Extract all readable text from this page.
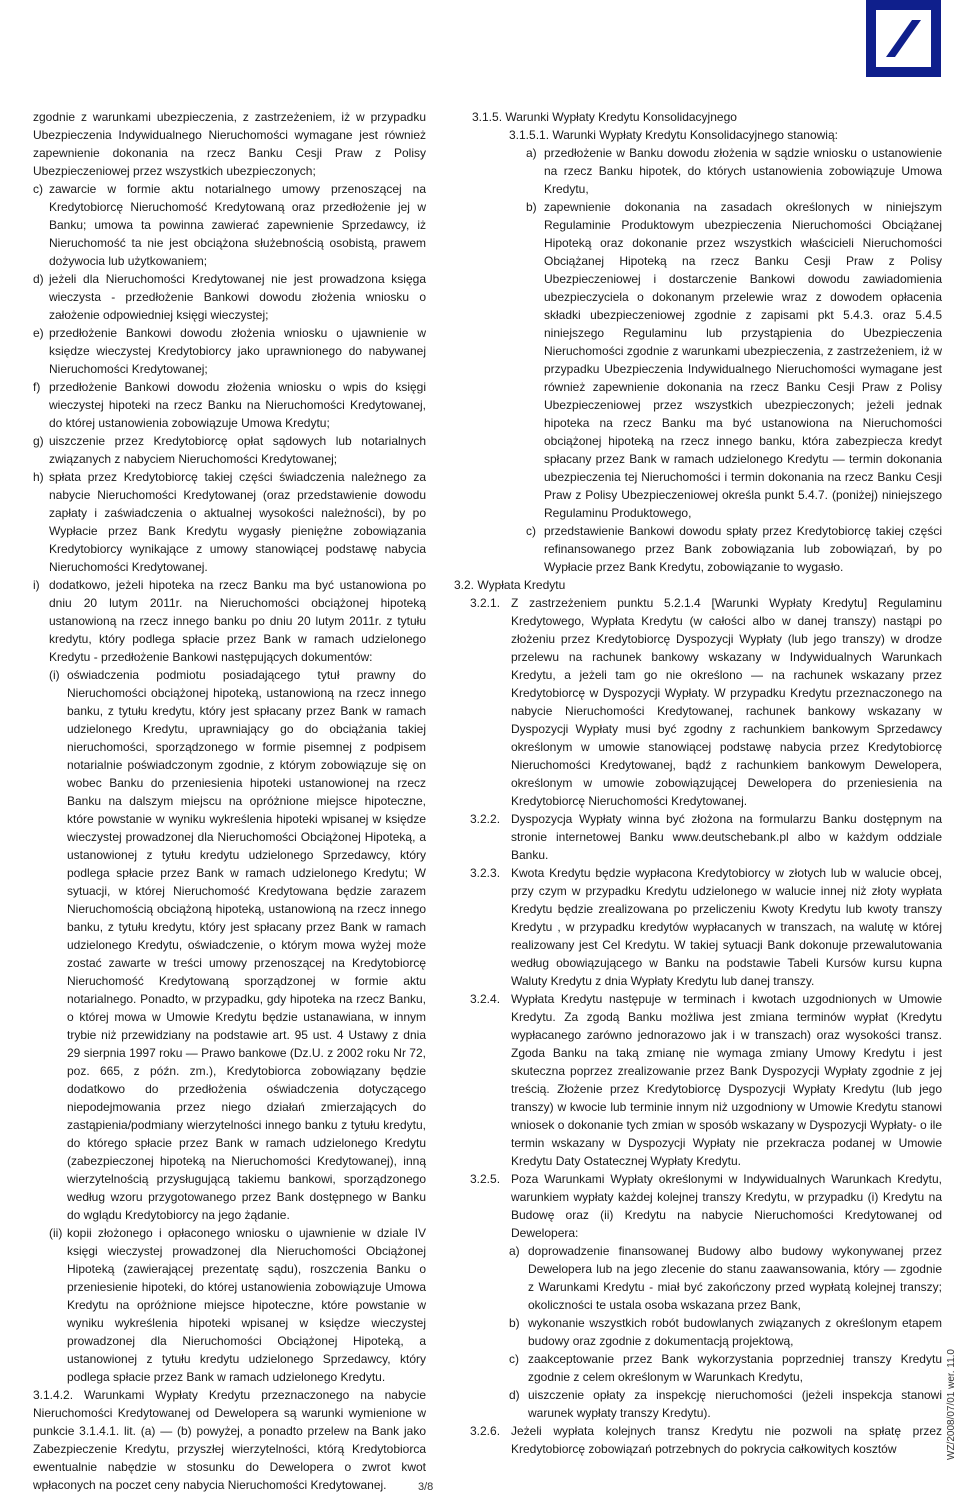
zgodnie z warunkami ubezpieczenia, z zastrzeżeniem, iż w przypadku Ubezpieczenia Indywidualnego Nieruchomości wymagane jest również zapewnienie dokonania na rzecz Banku Cesji Praw z Polisy Ubezpieczeniowej przez wszystkich ubezpieczonych;

c) zawarcie w formie aktu notarialnego umowy przenoszącej na Kredytobiorcę Nieruchomość Kredytowaną oraz przedłożenie jej w Banku; umowa ta powinna zawierać zapewnienie Sprzedawcy, iż Nieruchomość ta nie jest obciążona służebnością osobistą, prawem dożywocia lub użytkowaniem;
d) jeżeli dla Nieruchomości Kredytowanej nie jest prowadzona księga wieczysta - przedłożenie Bankowi dowodu złożenia wniosku o założenie odpowiedniej księgi wieczystej;
e) przedłożenie Bankowi dowodu złożenia wniosku o ujawnienie w księdze wieczystej Kredytobiorcy jako uprawnionego do nabywanej Nieruchomości Kredytowanej;
f) przedłożenie Bankowi dowodu złożenia wniosku o wpis do księgi wieczystej hipoteki na rzecz Banku na Nieruchomości Kredytowanej, do której ustanowienia zobowiązuje Umowa Kredytu;
g) uiszczenie przez Kredytobiorcę opłat sądowych lub notarialnych związanych z nabyciem Nieruchomości Kredytowanej;
h) spłata przez Kredytobiorcę takiej części świadczenia należnego za nabycie Nieruchomości Kredytowanej (oraz przedstawienie dowodu zapłaty i zaświadczenia o aktualnej wysokości należności), by po Wypłacie przez Bank Kredytu wygasły pieniężne zobowiązania Kredytobiorcy wynikające z umowy stanowiącej podstawę nabycia Nieruchomości Kredytowanej.
i) dodatkowo, jeżeli hipoteka na rzecz Banku ma być ustanowiona po dniu 20 lutym 2011r. na Nieruchomości obciążonej hipoteką ustanowioną na rzecz innego banku po dniu 20 lutym 2011r. z tytułu kredytu, który podlega spłacie przez Bank w ramach udzielonego Kredytu - przedłożenie Bankowi następujących dokumentów:
(i) oświadczenia podmiotu posiadającego tytuł prawny do Nieruchomości obciążonej hipoteką, ustanowioną na rzecz innego banku, z tytułu kredytu, który jest spłacany przez Bank w ramach udzielonego Kredytu, uprawniający go do obciążania takiej nieruchomości, sporządzonego w formie pisemnej z podpisem notarialnie poświadczonym zgodnie, z którym zobowiązuje się on wobec Banku do przeniesienia hipoteki ustanowionej na rzecz Banku na dalszym miejscu na opróżnione miejsce hipoteczne, które powstanie w wyniku wykreślenia hipoteki wpisanej w księdze wieczystej prowadzonej dla Nieruchomości Obciążonej Hipoteką, a ustanowionej z tytułu kredytu udzielonego Sprzedawcy, który podlega spłacie przez Bank w ramach udzielonego Kredytu; W sytuacji, w której Nieruchomość Kredytowana będzie zarazem Nieruchomością obciążoną hipoteką, ustanowioną na rzecz innego banku, z tytułu kredytu, który jest spłacany przez Bank w ramach udzielonego Kredytu, oświadczenie, o którym mowa wyżej może zostać zawarte w treści umowy przenoszącej na Kredytobiorcę Nieruchomość Kredytowaną sporządzonej w formie aktu notarialnego. Ponadto, w przypadku, gdy hipoteka na rzecz Banku, o której mowa w Umowie Kredytu będzie ustanawiana, w innym trybie niż przewidziany na podstawie art. 95 ust. 4 Ustawy z dnia 29 sierpnia 1997 roku — Prawo bankowe (Dz.U. z 2002 roku Nr 72, poz. 665, z późn. zm.), Kredytobiorca zobowiązany będzie dodatkowo do przedłożenia oświadczenia dotyczącego niepodejmowania przez niego działań zmierzających do zastąpienia/podmiany wierzytelności innego banku z tytułu kredytu, do którego spłacie przez Bank w ramach udzielonego Kredytu (zabezpieczonej hipoteką na Nieruchomości Kredytowanej), inną wierzytelnością przysługującą takiemu bankowi, sporządzonego według wzoru przygotowanego przez Bank dostępnego w Banku do wglądu Kredytobiorcy na jego żądanie.
(ii) kopii złożonego i opłaconego wniosku o ujawnienie w dziale IV księgi wieczystej prowadzonej dla Nieruchomości Obciążonej Hipoteką (zawierającej prezentatę sądu), roszczenia Banku o przeniesienie hipoteki, do której ustanowienia zobowiązuje Umowa Kredytu na opróżnione miejsce hipoteczne, które powstanie w wyniku wykreślenia hipoteki wpisanej w księdze wieczystej prowadzonej dla Nieruchomości Obciążonej Hipoteką, a ustanowionej z tytułu kredytu udzielonego Sprzedawcy, który podlega spłacie przez Bank w ramach udzielonego Kredytu.

3.1.4.2. Warunkami Wypłaty Kredytu przeznaczonego na nabycie Nieruchomości Kredytowanej od Dewelopera są warunki wymienione w punkcie 3.1.4.1. lit. (a) — (b) powyżej, a ponadto przelew na Bank jako Zabezpieczenie Kredytu, przyszłej wierzytelności, którą Kredytobiorca ewentualnie nabędzie w stosunku do Dewelopera o zwrot kwot wpłaconych na poczet ceny nabycia Nieruchomości Kredytowanej.

3.1.5. Warunki Wypłaty Kredytu Konsolidacyjnego
3.1.5.1. Warunki Wypłaty Kredytu Konsolidacyjnego stanowią:
a) przedłożenie w Banku dowodu złożenia w sądzie wniosku o ustanowienie na rzecz Banku hipotek, do których ustanowienia zobowiązuje Umowa Kredytu,
b) zapewnienie dokonania na zasadach określonych w niniejszym Regulaminie Produktowym ubezpieczenia Nieruchomości Obciążanej Hipoteką oraz dokonanie przez wszystkich właścicieli Nieruchomości Obciążanej Hipoteką na rzecz Banku Cesji Praw z Polisy Ubezpieczeniowej i dostarczenie Bankowi dowodu zawiadomienia ubezpieczyciela o dokonanym przelewie wraz z dowodem opłacenia składki ubezpieczeniowej zgodnie z zapisami pkt 5.4.3. oraz 5.4.5 niniejszego Regulaminu lub przystąpienia do Ubezpieczenia Nieruchomości zgodnie z warunkami ubezpieczenia, z zastrzeżeniem, iż w przypadku Ubezpieczenia Indywidualnego Nieruchomości wymagane jest również zapewnienie dokonania na rzecz Banku Cesji Praw z Polisy Ubezpieczeniowej przez wszystkich ubezpieczonych; jeżeli jednak hipoteka na rzecz Banku ma być ustanowiona na Nieruchomości obciążonej hipoteką na rzecz innego banku, która zabezpiecza kredyt spłacany przez Bank w ramach udzielonego Kredytu — termin dokonania ubezpieczenia tej Nieruchomości i termin dokonania na rzecz Banku Cesji Praw z Polisy Ubezpieczeniowej określa punkt 5.4.7. (poniżej) niniejszego Regulaminu Produktowego,
c) przedstawienie Bankowi dowodu spłaty przez Kredytobiorcę takiej części refinansowanego przez Bank zobowiązania lub zobowiązań, by po Wypłacie przez Bank Kredytu, zobowiązanie to wygasło.
3.2. Wypłata Kredytu
3.2.1. Z zastrzeżeniem punktu 5.2.1.4 [Warunki Wypłaty Kredytu] Regulaminu Kredytowego, Wypłata Kredytu (w całości albo w danej transzy) nastąpi po złożeniu przez Kredytobiorcę Dyspozycji Wypłaty (lub jego transzy) w drodze przelewu na rachunek bankowy wskazany w Indywidualnych Warunkach Kredytu, a jeżeli tam go nie określono — na rachunek wskazany przez Kredytobiorcę w Dyspozycji Wypłaty. W przypadku Kredytu przeznaczonego na nabycie Nieruchomości Kredytowanej, rachunek bankowy wskazany w Dyspozycji Wypłaty musi być zgodny z rachunkiem bankowym Sprzedawcy określonym w umowie stanowiącej podstawę nabycia przez Kredytobiorcę Nieruchomości Kredytowanej, bądź z rachunkiem bankowym Dewelopera, określonym w umowie zobowiązującej Dewelopera do przeniesienia na Kredytobiorcę Nieruchomości Kredytowanej.
3.2.2. Dyspozycja Wypłaty winna być złożona na formularzu Banku dostępnym na stronie internetowej Banku www.deutschebank.pl albo w każdym oddziale Banku.
3.2.3. Kwota Kredytu będzie wypłacona Kredytobiorcy w złotych lub w walucie obcej, przy czym w przypadku Kredytu udzielonego w walucie innej niż złoty wypłata Kredytu będzie zrealizowana po przeliczeniu Kwoty Kredytu lub kwoty transzy Kredytu , w przypadku kredytów wypłacanych w transzach, na walutę w której realizowany jest Cel Kredytu. W takiej sytuacji Bank dokonuje przewalutowania według obowiązującego w Banku na podstawie Tabeli Kursów kursu kupna Waluty Kredytu z dnia Wypłaty Kredytu lub danej transzy.
3.2.4. Wypłata Kredytu następuje w terminach i kwotach uzgodnionych w Umowie Kredytu. Za zgodą Banku możliwa jest zmiana terminów wypłat (Kredytu wypłacanego zarówno jednorazowo jak i w transzach) oraz wysokości transz. Zgoda Banku na taką zmianę nie wymaga zmiany Umowy Kredytu i jest skuteczna poprzez zrealizowanie przez Bank Dyspozycji Wypłaty zgodnie z jej treścią. Złożenie przez Kredytobiorcę Dyspozycji Wypłaty Kredytu (lub jego transzy) w kwocie lub terminie innym niż uzgodniony w Umowie Kredytu stanowi wniosek o dokonanie tych zmian w sposób wskazany w Dyspozycji Wypłaty- o ile termin wskazany w Dyspozycji Wypłaty nie przekracza podanej w Umowie Kredytu Daty Ostatecznej Wypłaty Kredytu.
3.2.5. Poza Warunkami Wypłaty określonymi w Indywidualnych Warunkach Kredytu, warunkiem wypłaty każdej kolejnej transzy Kredytu, w przypadku (i) Kredytu na Budowę oraz (ii) Kredytu na nabycie Nieruchomości Kredytowanej od Dewelopera:
a) doprowadzenie finansowanej Budowy albo budowy wykonywanej przez Dewelopera lub na jego zlecenie do stanu zaawansowania, który — zgodnie z Warunkami Kredytu - miał być zakończony przed wypłatą kolejnej transzy; okoliczności te ustala osoba wskazana przez Bank,
b) wykonanie wszystkich robót budowlanych związanych z określonym etapem budowy oraz zgodnie z dokumentacją projektową,
c) zaakceptowanie przez Bank wykorzystania poprzedniej transzy Kredytu zgodnie z celem określonym w Warunkach Kredytu,
d) uiszczenie opłaty za inspekcję nieruchomości (jeżeli inspekcja stanowi warunek wypłaty transzy Kredytu).
3.2.6. Jeżeli wypłata kolejnych transz Kredytu nie pozwoli na spłatę przez Kredytobiorcę zobowiązań potrzebnych do pokrycia całkowitych kosztów
3/8
WZ/2008/07/01 wer. 11.0
